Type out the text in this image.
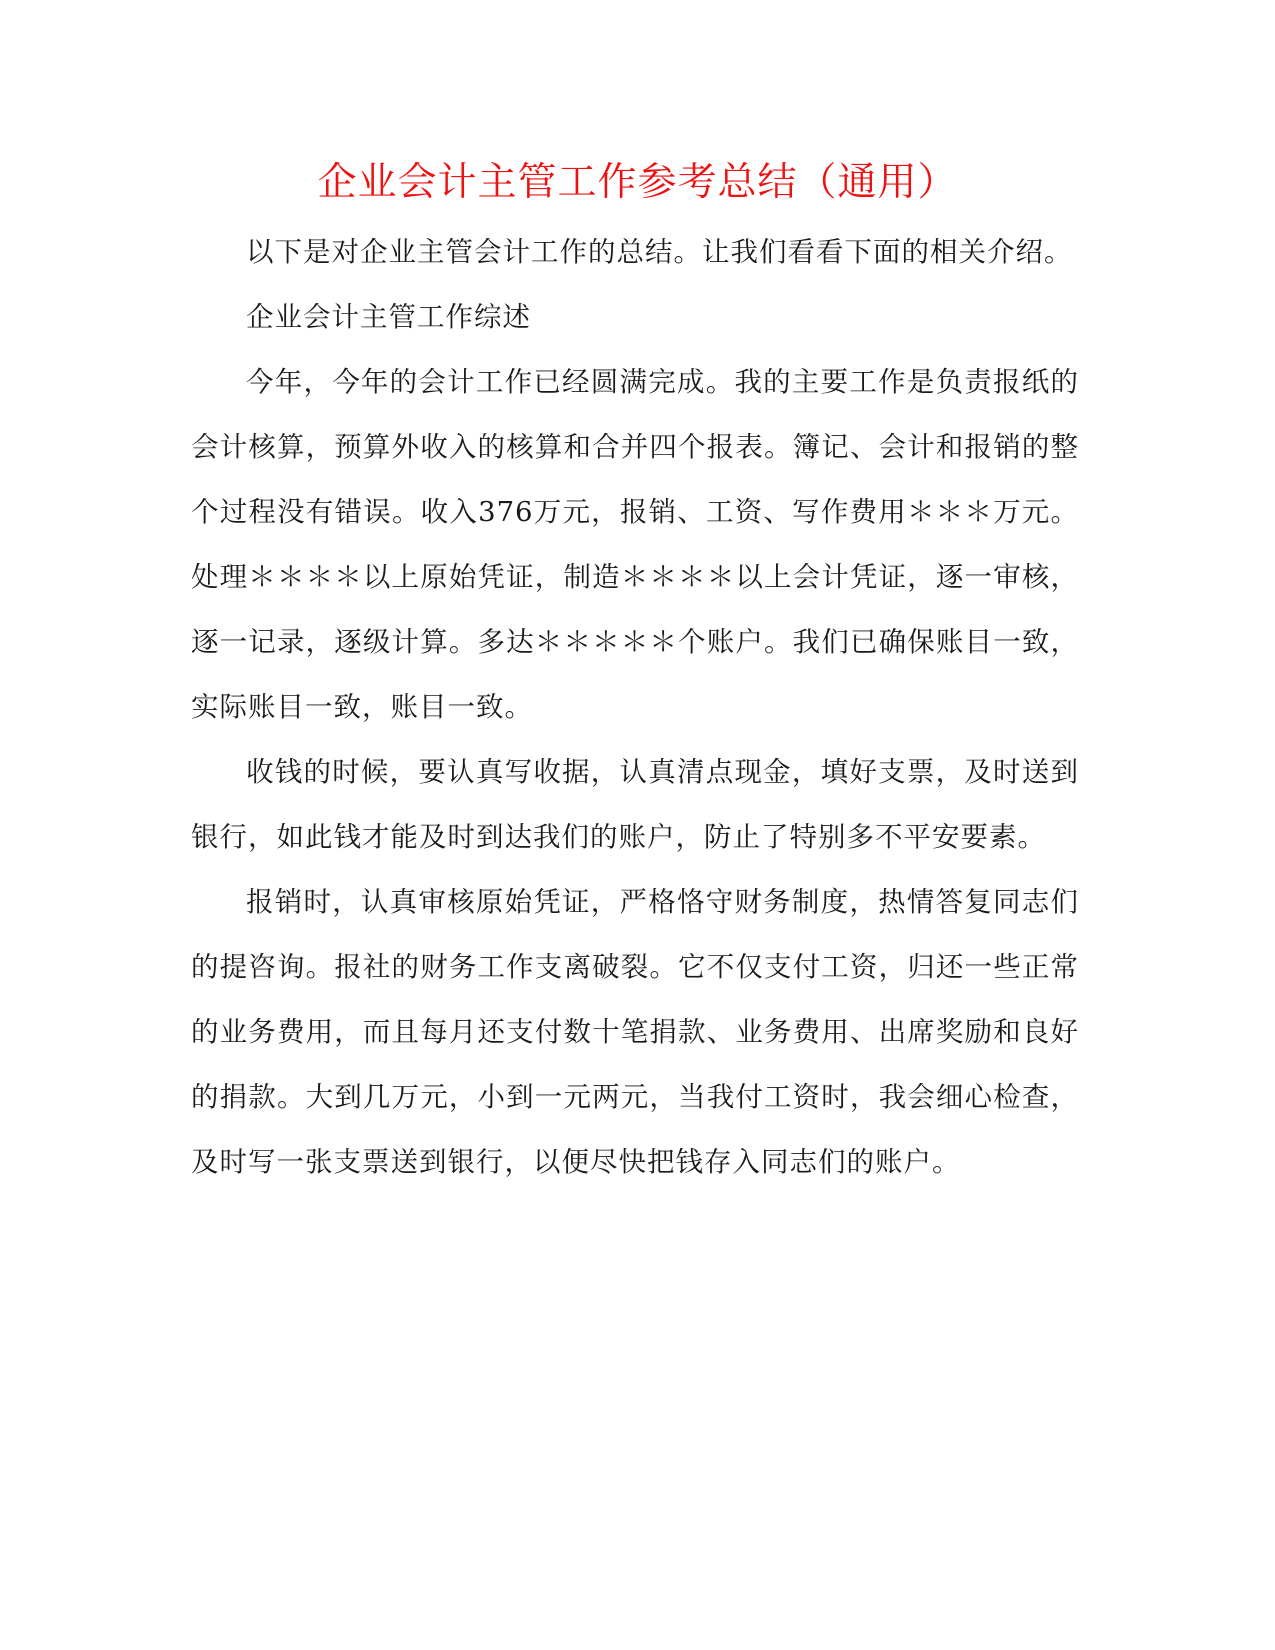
企业会计主管工作参考总结（通用）

以下是对企业主管会计工作的总结。让我们看看下面的相关介绍。

企业会计主管工作综述

今年，今年的会计工作已经圆满完成。我的主要工作是负责报纸的会计核算，预算外收入的核算和合并四个报表。簿记、会计和报销的整个过程没有错误。收入376万元，报销、工资、写作费用＊＊＊万元。处理＊＊＊＊以上原始凭证，制造＊＊＊＊以上会计凭证，逐一审核，逐一记录，逐级计算。多达＊＊＊＊＊个账户。我们已确保账目一致，实际账目一致，账目一致。

收钱的时候，要认真写收据，认真清点现金，填好支票，及时送到银行，如此钱才能及时到达我们的账户，防止了特别多不平安要素。

报销时，认真审核原始凭证，严格恪守财务制度，热情答复同志们的提咨询。报社的财务工作支离破裂。它不仅支付工资，归还一些正常的业务费用，而且每月还支付数十笔捐款、业务费用、出席奖励和良好的捐款。大到几万元，小到一元两元，当我付工资时，我会细心检查，及时写一张支票送到银行，以便尽快把钱存入同志们的账户。
